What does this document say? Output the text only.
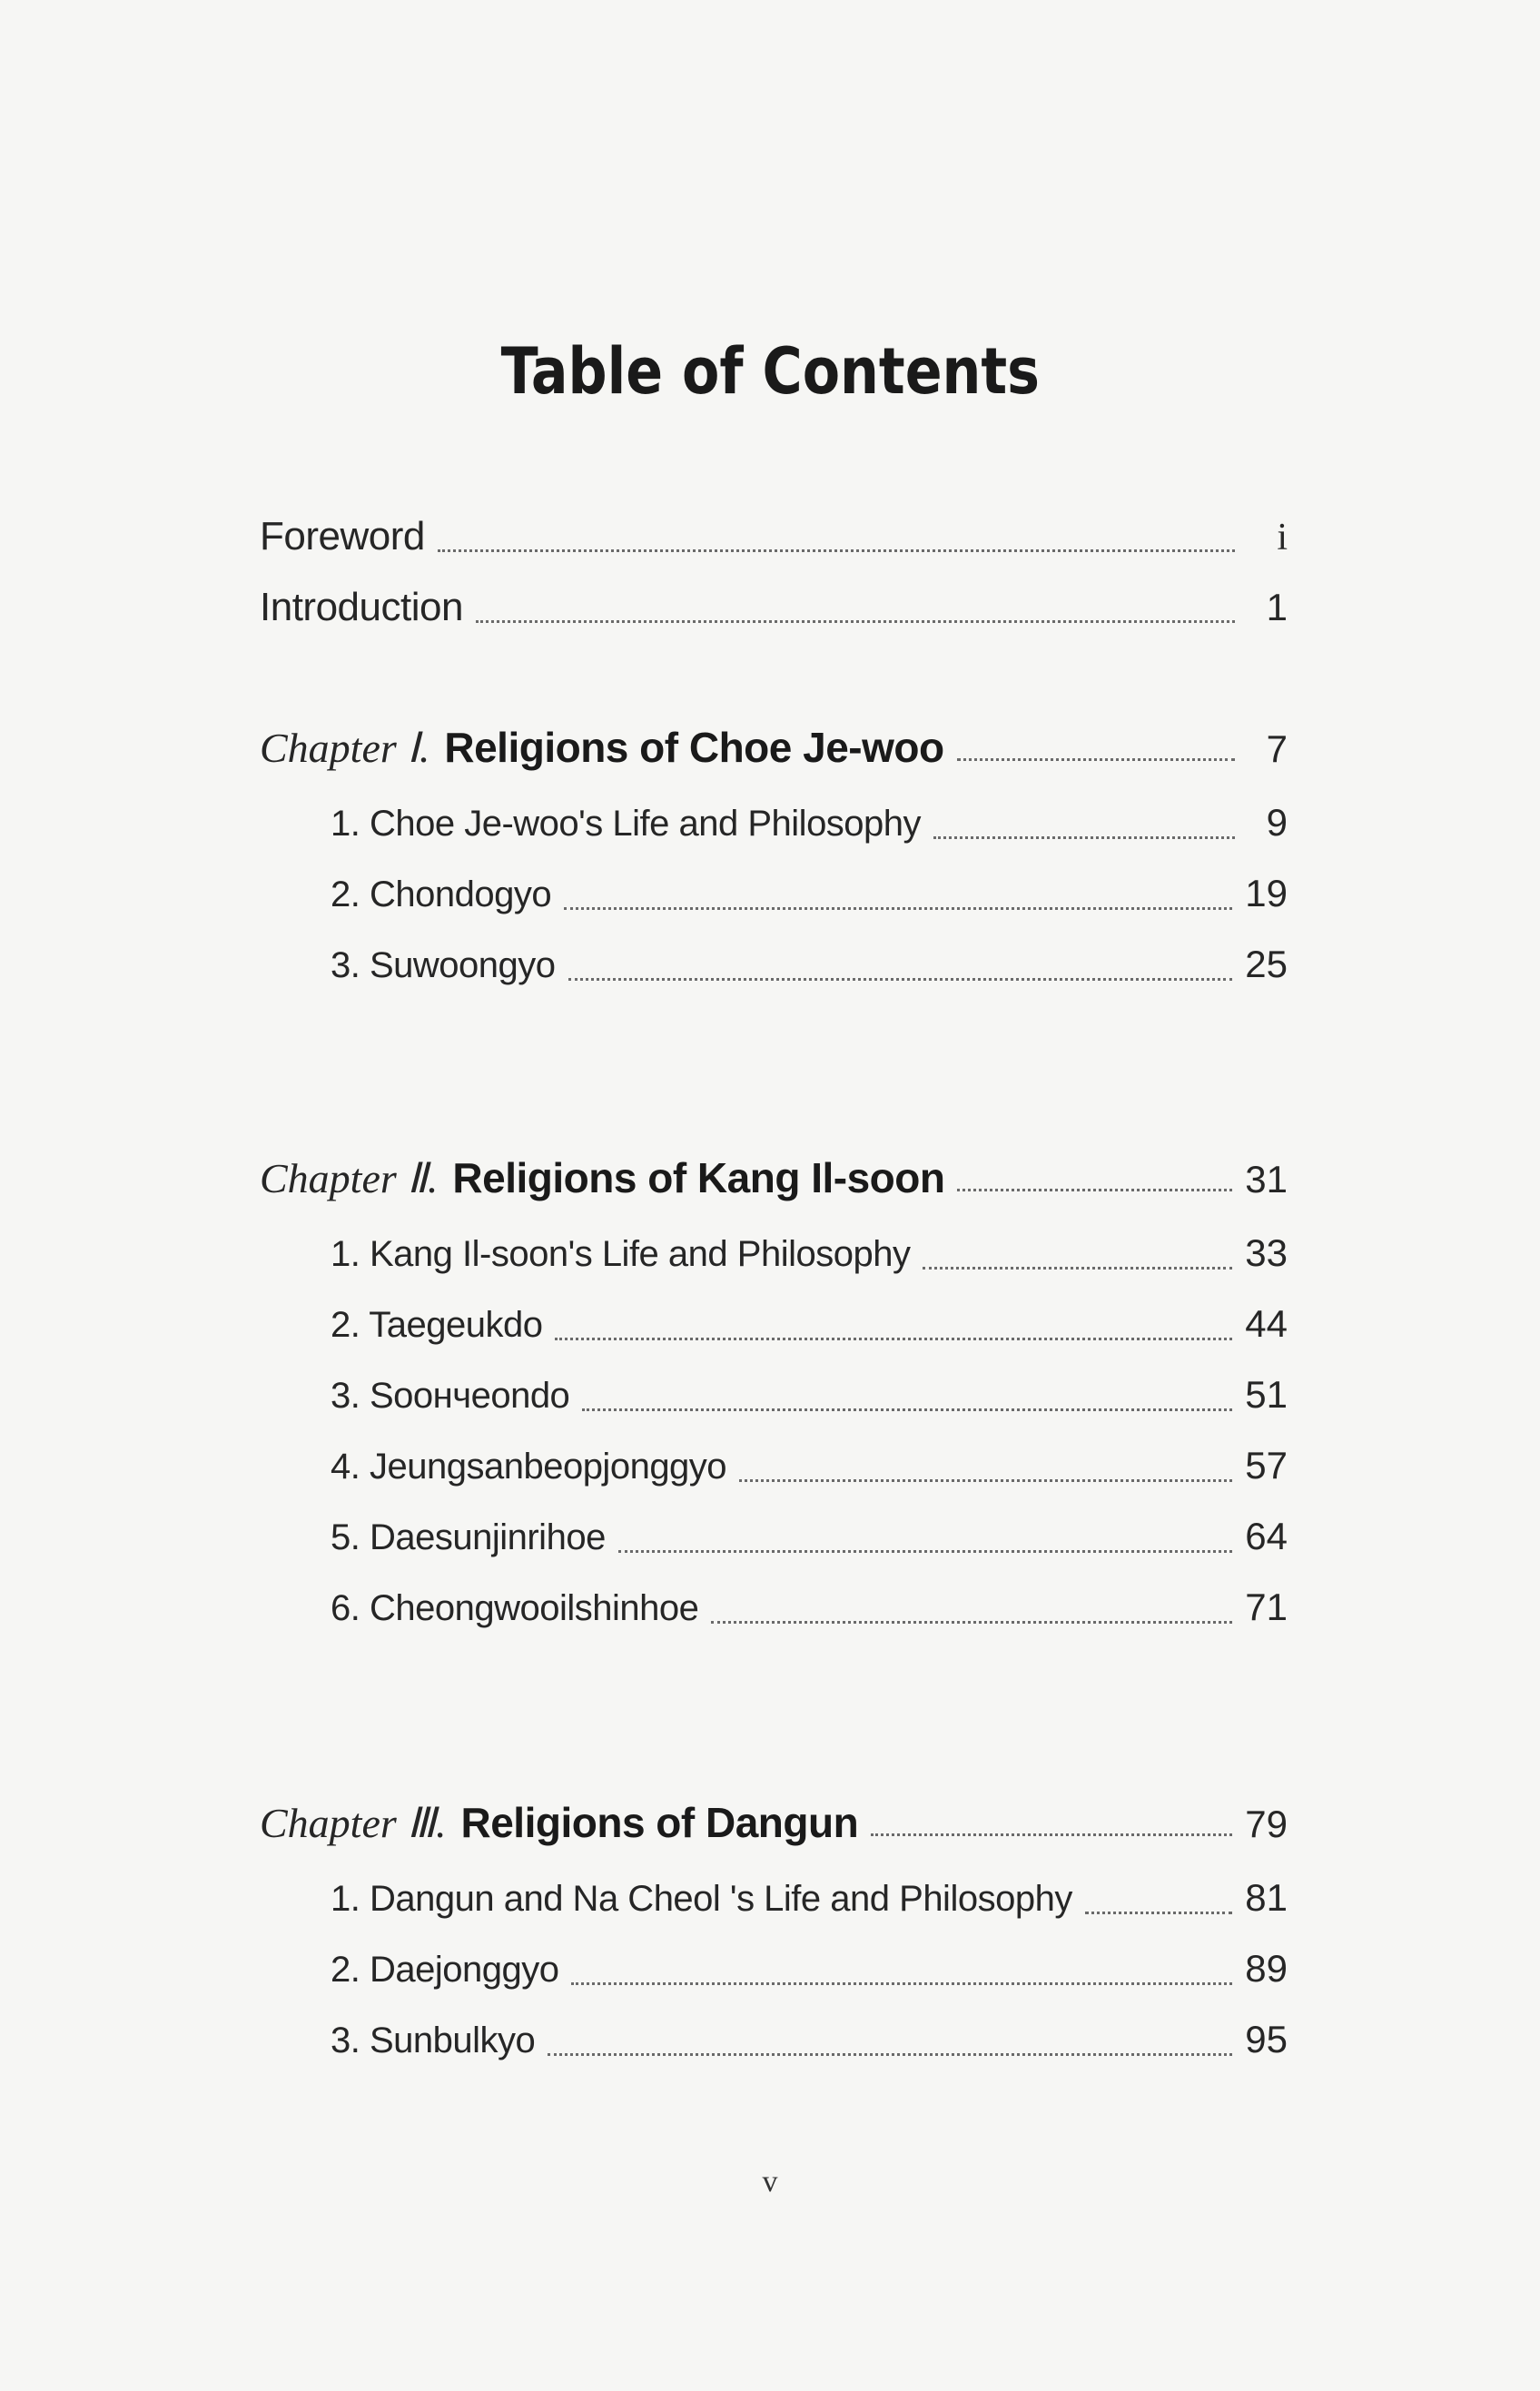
Table of Contents
Foreword	i
Introduction	1
Chapter Ⅰ. Religions of Choe Je-woo	7
1. Choe Je-woo's Life and Philosophy	9
2. Chondogyo	19
3. Suwoongyo	25
Chapter Ⅱ. Religions of Kang Il-soon	31
1. Kang Il-soon's Life and Philosophy	33
2. Taegeukdo	44
3. Soончeondo	51
4. Jeungsanbeopjonggyo	57
5. Daesunjinrihoe	64
6. Cheongwooilshinhoe	71
Chapter Ⅲ. Religions of Dangun	79
1. Dangun and Na Cheol 's Life and Philosophy	81
2. Daejonggyo	89
3. Sunbulkyo	95
v
